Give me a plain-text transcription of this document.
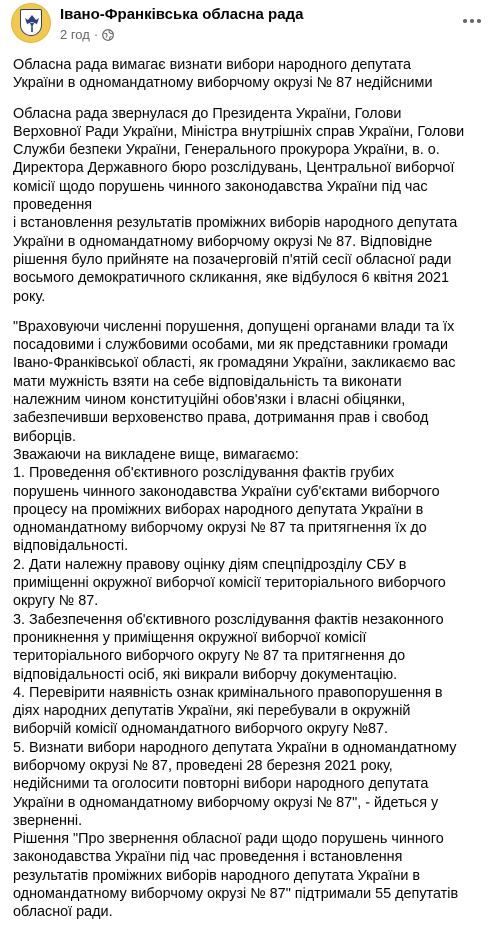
Івано-Франківська обласна рада
2 год ·

Обласна рада вимагає визнати вибори народного депутата
України в одномандатному виборчому окрузі № 87 недійсними

Обласна рада звернулася до Президента України, Голови
Верховної Ради України, Міністра внутрішніх справ України, Голови
Служби безпеки України, Генерального прокурора України, в. о.
Директора Державного бюро розслідувань, Центральної виборчої
комісії щодо порушень чинного законодавства України під час
проведення
і встановлення результатів проміжних виборів народного депутата
України в одномандатному виборчому окрузі № 87. Відповідне
рішення було прийняте на позачерговій п'ятій сесії обласної ради
восьмого демократичного скликання, яке відбулося 6 квітня 2021
року.

"Враховуючи численні порушення, допущені органами влади та їх
посадовими і службовими особами, ми як представники громади
Івано-Франківської області, як громадяни України, закликаємо вас
мати мужність взяти на себе відповідальність та виконати
належним чином конституційні обов'язки і власні обіцянки,
забезпечивши верховенство права, дотримання прав і свобод
виборців.
Зважаючи на викладене вище, вимагаємо:
1. Проведення об'єктивного розслідування фактів грубих
порушень чинного законодавства України суб'єктами виборчого
процесу на проміжних виборах народного депутата України в
одномандатному виборчому окрузі № 87 та притягнення їх до
відповідальності.
2. Дати належну правову оцінку діям спецпідрозділу СБУ в
приміщенні окружної виборчої комісії територіального виборчого
округу № 87.
3. Забезпечення об'єктивного розслідування фактів незаконного
проникнення у приміщення окружної виборчої комісії
територіального виборчого округу № 87 та притягнення до
відповідальності осіб, які викрали виборчу документацію.
4. Перевірити наявність ознак кримінального правопорушення в
діях народних депутатів України, які перебували в окружній
виборчій комісії одномандатного виборчого округу №87.
5. Визнати вибори народного депутата України в одномандатному
виборчому окрузі № 87, проведені 28 березня 2021 року,
недійсними та оголосити повторні вибори народного депутата
України в одномандатному виборчому окрузі № 87", - йдеться у
зверненні.
Рішення "Про звернення обласної ради щодо порушень чинного
законодавства України під час проведення і встановлення
результатів проміжних виборів народного депутата України в
одномандатному виборчому окрузі № 87" підтримали 55 депутатів
обласної ради.
